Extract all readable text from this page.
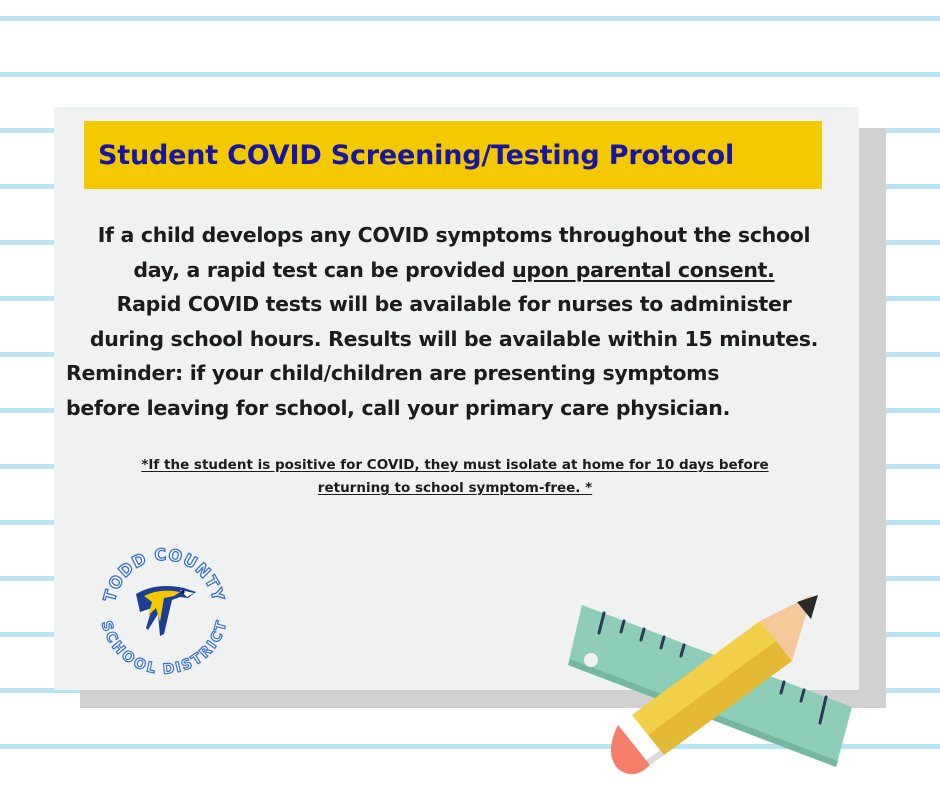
Student COVID Screening/Testing Protocol
If a child develops any COVID symptoms throughout the school
day, a rapid test can be provided upon parental consent.
Rapid COVID tests will be available for nurses to administer
during school hours. Results will be available within 15 minutes.
Reminder: if your child/children are presenting symptoms
before leaving for school, call your primary care physician.
*If the student is positive for COVID, they must isolate at home for 10 days before
returning to school symptom-free. *
TODD COUNTY
SCHOOL DISTRICT
